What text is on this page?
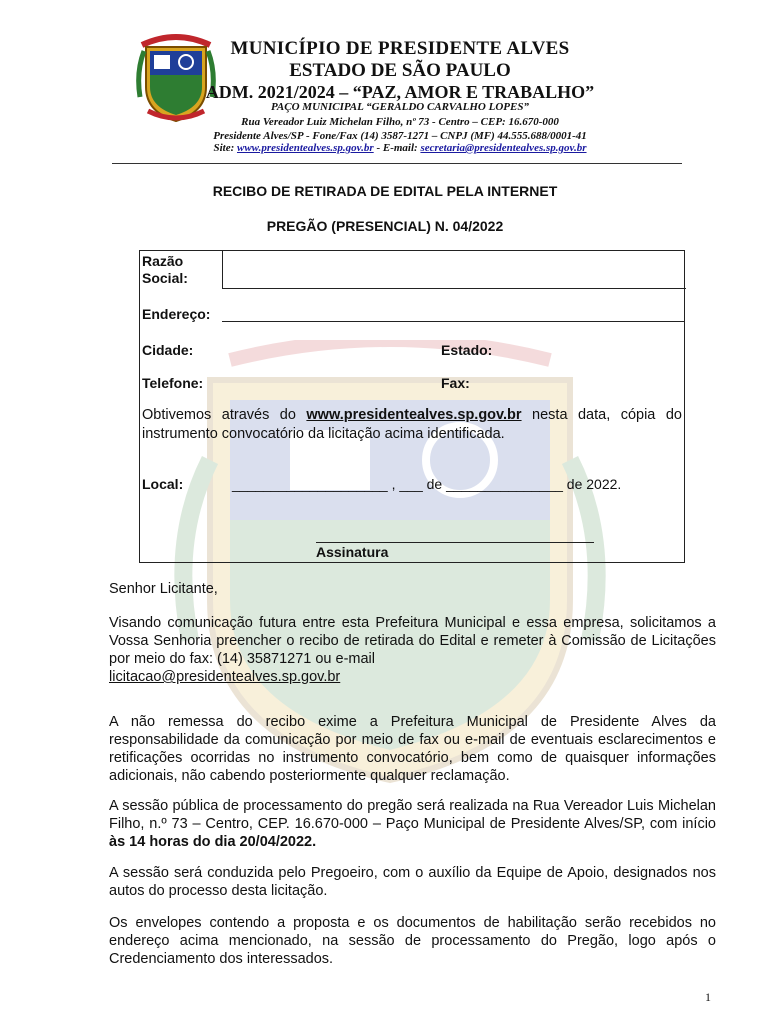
MUNICÍPIO DE PRESIDENTE ALVES
ESTADO DE SÃO PAULO
ADM. 2021/2024 – “PAZ, AMOR E TRABALHO”
PAÇO MUNICIPAL “GERALDO CARVALHO LOPES”
Rua Vereador Luiz Michelan Filho, nº 73 - Centro – CEP: 16.670-000
Presidente Alves/SP - Fone/Fax (14) 3587-1271 – CNPJ (MF) 44.555.688/0001-41
Site: www.presidentealves.sp.gov.br - E-mail: secretaria@presidentealves.sp.gov.br
RECIBO DE RETIRADA DE EDITAL PELA INTERNET
PREGÃO (PRESENCIAL) N. 04/2022
Razão
Social:
Endereço:
Cidade:	Estado:
Telefone:	Fax:
Obtivemos através do www.presidentealves.sp.gov.br nesta data, cópia do instrumento convocatório da licitação acima identificada.
Local:	____________________ , ___ de _______________ de 2022.
Assinatura
Senhor Licitante,
Visando comunicação futura entre esta Prefeitura Municipal e essa empresa, solicitamos a Vossa Senhoria preencher o recibo de retirada do Edital e remeter à Comissão de Licitações por meio do fax: (14) 35871271 ou e-mail
licitacao@presidentealves.sp.gov.br
A não remessa do recibo exime a Prefeitura Municipal de Presidente Alves da responsabilidade da comunicação por meio de fax ou e-mail de eventuais esclarecimentos e retificações ocorridas no instrumento convocatório, bem como de quaisquer informações adicionais, não cabendo posteriormente qualquer reclamação.
A sessão pública de processamento do pregão será realizada na Rua Vereador Luis Michelan Filho, n.º 73 – Centro, CEP. 16.670-000 – Paço Municipal de Presidente Alves/SP, com início às 14 horas do dia 20/04/2022.
A sessão será conduzida pelo Pregoeiro, com o auxílio da Equipe de Apoio, designados nos autos do processo desta licitação.
Os envelopes contendo a proposta e os documentos de habilitação serão recebidos no endereço acima mencionado, na sessão de processamento do Pregão, logo após o Credenciamento dos interessados.
1
